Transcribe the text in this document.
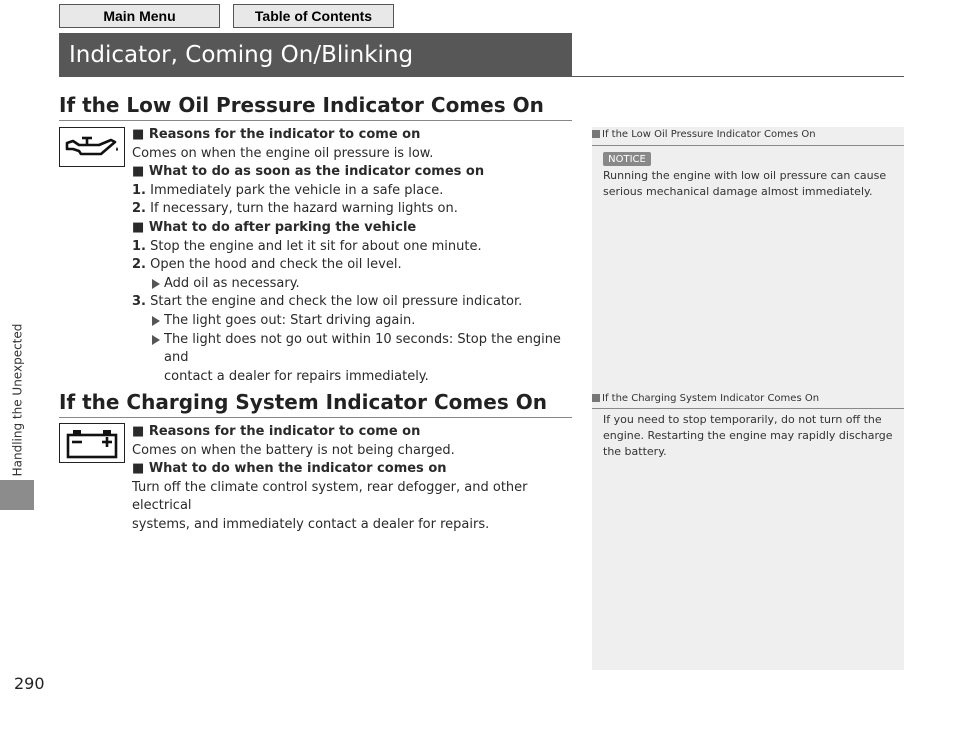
Main Menu	Table of Contents
Handling the Unexpected
290
Indicator, Coming On/Blinking
If the Low Oil Pressure Indicator Comes On
■ Reasons for the indicator to come on
Comes on when the engine oil pressure is low.
■ What to do as soon as the indicator comes on
1. Immediately park the vehicle in a safe place.
2. If necessary, turn the hazard warning lights on.
■ What to do after parking the vehicle
1. Stop the engine and let it sit for about one minute.
2. Open the hood and check the oil level.
Add oil as necessary.
3. Start the engine and check the low oil pressure indicator.
The light goes out: Start driving again.
The light does not go out within 10 seconds: Stop the engine and
contact a dealer for repairs immediately.
If the Charging System Indicator Comes On
■ Reasons for the indicator to come on
Comes on when the battery is not being charged.
■ What to do when the indicator comes on
Turn off the climate control system, rear defogger, and other electrical
systems, and immediately contact a dealer for repairs.
If the Low Oil Pressure Indicator Comes On
NOTICE
Running the engine with low oil pressure can cause
serious mechanical damage almost immediately.
If the Charging System Indicator Comes On
If you need to stop temporarily, do not turn off the
engine. Restarting the engine may rapidly discharge
the battery.
